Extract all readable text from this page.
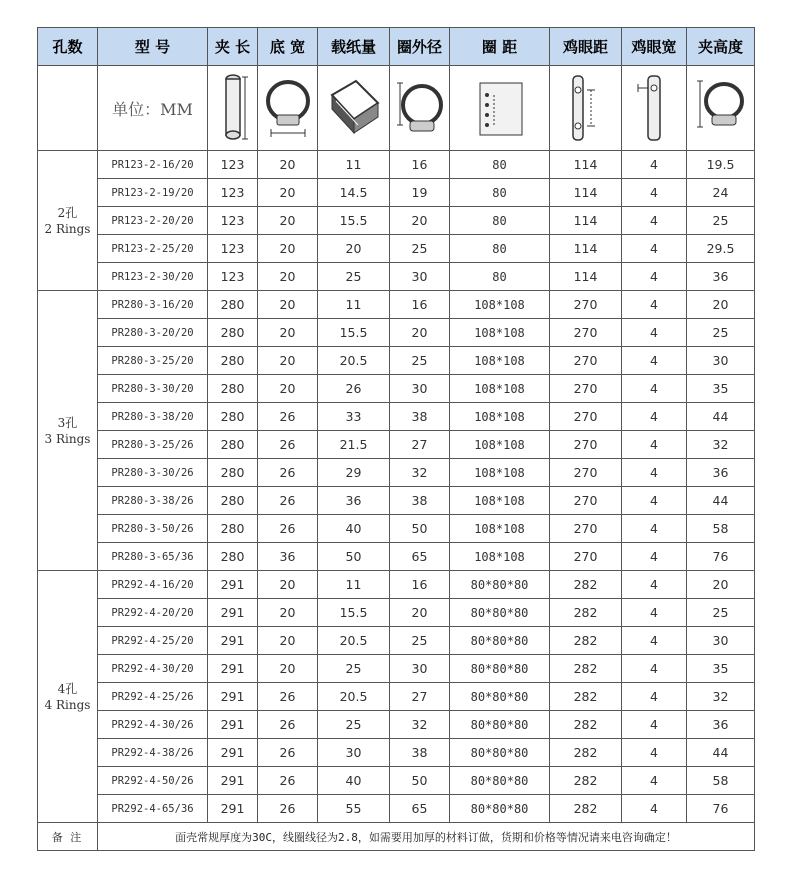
孔数	型 号	夹 长	底 宽	载纸量	圈外径	圈 距	鸡眼距	鸡眼宽	夹高度
	单位：MM	

2孔
2 Rings	PR123-2-16/20	123	20	11	16	80	114	4	19.5
	PR123-2-19/20	123	20	14.5	19	80	114	4	24
	PR123-2-20/20	123	20	15.5	20	80	114	4	25
	PR123-2-25/20	123	20	20	25	80	114	4	29.5
	PR123-2-30/20	123	20	25	30	80	114	4	36
3孔
3 Rings	PR280-3-16/20	280	20	11	16	108*108	270	4	20
	PR280-3-20/20	280	20	15.5	20	108*108	270	4	25
	PR280-3-25/20	280	20	20.5	25	108*108	270	4	30
	PR280-3-30/20	280	20	26	30	108*108	270	4	35
	PR280-3-38/20	280	26	33	38	108*108	270	4	44
	PR280-3-25/26	280	26	21.5	27	108*108	270	4	32
	PR280-3-30/26	280	26	29	32	108*108	270	4	36
	PR280-3-38/26	280	26	36	38	108*108	270	4	44
	PR280-3-50/26	280	26	40	50	108*108	270	4	58
	PR280-3-65/36	280	36	50	65	108*108	270	4	76
4孔
4 Rings	PR292-4-16/20	291	20	11	16	80*80*80	282	4	20
	PR292-4-20/20	291	20	15.5	20	80*80*80	282	4	25
	PR292-4-25/20	291	20	20.5	25	80*80*80	282	4	30
	PR292-4-30/20	291	20	25	30	80*80*80	282	4	35
	PR292-4-25/26	291	26	20.5	27	80*80*80	282	4	32
	PR292-4-30/26	291	26	25	32	80*80*80	282	4	36
	PR292-4-38/26	291	26	30	38	80*80*80	282	4	44
	PR292-4-50/26	291	26	40	50	80*80*80	282	4	58
	PR292-4-65/36	291	26	55	65	80*80*80	282	4	76
备 注	面壳常规厚度为30C，线圈线径为2.8，如需要用加厚的材料订做，货期和价格等情况请来电咨询确定！								
